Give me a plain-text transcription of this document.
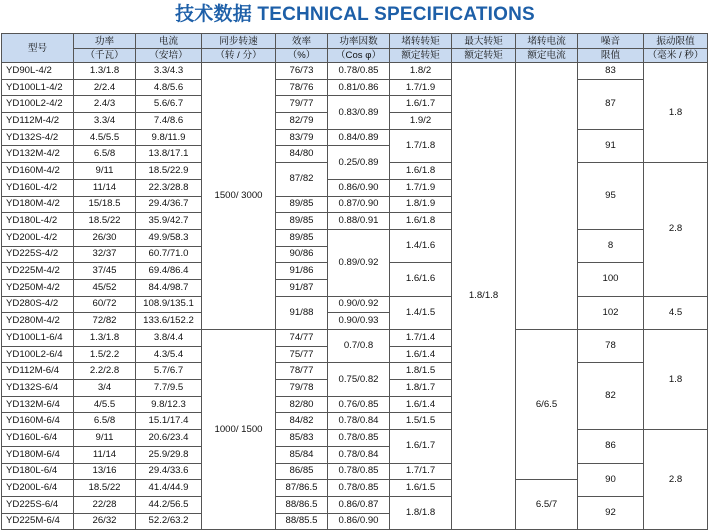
技术数据 TECHNICAL SPECIFICATIONS
型号	功率	电流	同步转速	效率	功率因数	堵转转矩	最大转矩	堵转电流	噪音	振动限值
	（千瓦）	（安培）	（转 / 分）	（%）	（Cos φ）	额定转矩	额定转矩	额定电流	限值	（毫米 / 秒）
YD90L-4/2	1.3/1.8	3.3/4.3	1500/ 3000	76/73	0.78/0.85	1.8/2	1.8/1.8		83	1.8
YD100L1-4/2	2/2.4	4.8/5.6		78/76	0.81/0.86	1.7/1.9			87	
YD100L2-4/2	2.4/3	5.6/6.7		79/77	0.83/0.89	1.6/1.7				
YD112M-4/2	3.3/4	7.4/8.6		82/79		1.9/2				
YD132S-4/2	4.5/5.5	9.8/11.9		83/79	0.84/0.89	1.7/1.8			91	
YD132M-4/2	6.5/8	13.8/17.1		84/80	0.25/0.89					
YD160M-4/2	9/11	18.5/22.9		87/82		1.6/1.8			95	2.8
YD160L-4/2	11/14	22.3/28.8			0.86/0.90	1.7/1.9				
YD180M-4/2	15/18.5	29.4/36.7		89/85	0.87/0.90	1.8/1.9				
YD180L-4/2	18.5/22	35.9/42.7		89/85	0.88/0.91	1.6/1.8				
YD200L-4/2	26/30	49.9/58.3		89/85	0.89/0.92	1.4/1.6			8	
YD225S-4/2	32/37	60.7/71.0		90/86						
YD225M-4/2	37/45	69.4/86.4		91/86		1.6/1.6			100	
YD250M-4/2	45/52	84.4/98.7		91/87						
YD280S-4/2	60/72	108.9/135.1		91/88	0.90/0.92	1.4/1.5			102	4.5
YD280M-4/2	72/82	133.6/152.2			0.90/0.93					
YD100L1-6/4	1.3/1.8	3.8/4.4	1000/ 1500	74/77	0.7/0.8	1.7/1.4		6/6.5	78	1.8
YD100L2-6/4	1.5/2.2	4.3/5.4		75/77		1.6/1.4				
YD112M-6/4	2.2/2.8	5.7/6.7		78/77	0.75/0.82	1.8/1.5			82	
YD132S-6/4	3/4	7.7/9.5		79/78		1.8/1.7				
YD132M-6/4	4/5.5	9.8/12.3		82/80	0.76/0.85	1.6/1.4				
YD160M-6/4	6.5/8	15.1/17.4		84/82	0.78/0.84	1.5/1.5				
YD160L-6/4	9/11	20.6/23.4		85/83	0.78/0.85	1.6/1.7			86	2.8
YD180M-6/4	11/14	25.9/29.8		85/84	0.78/0.84					
YD180L-6/4	13/16	29.4/33.6		86/85	0.78/0.85	1.7/1.7			90	
YD200L-6/4	18.5/22	41.4/44.9		87/86.5	0.78/0.85	1.6/1.5		6.5/7		
YD225S-6/4	22/28	44.2/56.5		88/86.5	0.86/0.87	1.8/1.8			92	
YD225M-6/4	26/32	52.2/63.2		88/85.5	0.86/0.90					
